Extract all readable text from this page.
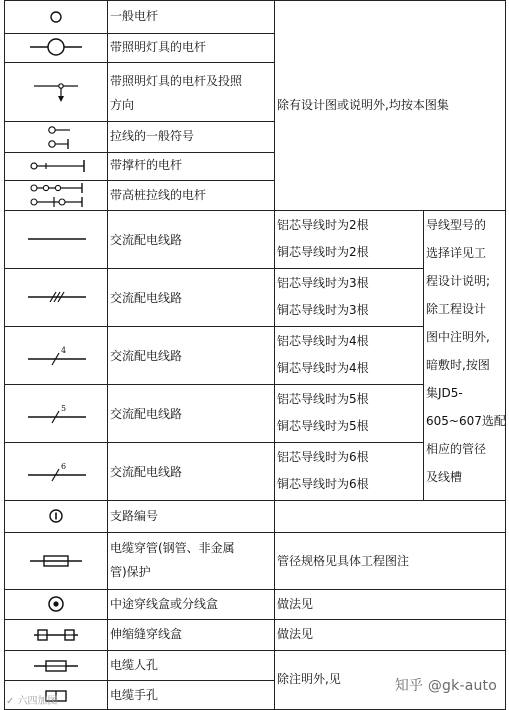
4
5
6
一般电杆
带照明灯具的电杆
带照明灯具的电杆及投照
方向
拉线的一般符号
带撑杆的电杆
带高桩拉线的电杆
交流配电线路
交流配电线路
交流配电线路
交流配电线路
交流配电线路
支路编号
电缆穿管(钢管、非金属
管)保护
中途穿线盒或分线盒
伸缩缝穿线盒
电缆人孔
电缆手孔
铝芯导线时为2根
铜芯导线时为2根
铝芯导线时为3根
铜芯导线时为3根
铝芯导线时为4根
铜芯导线时为4根
铝芯导线时为5根
铜芯导线时为5根
铝芯导线时为6根
铜芯导线时为6根
除有设计图或说明外,均按本图集
导线型号的
选择详见工
程设计说明;
除工程设计
图中注明外,
暗敷时,按图
集JD5-
605~607选配
相应的管径
及线槽
管径规格见具体工程图注
做法见
做法见
除注明外,见
✓ 六四加图
知乎 @gk-auto
